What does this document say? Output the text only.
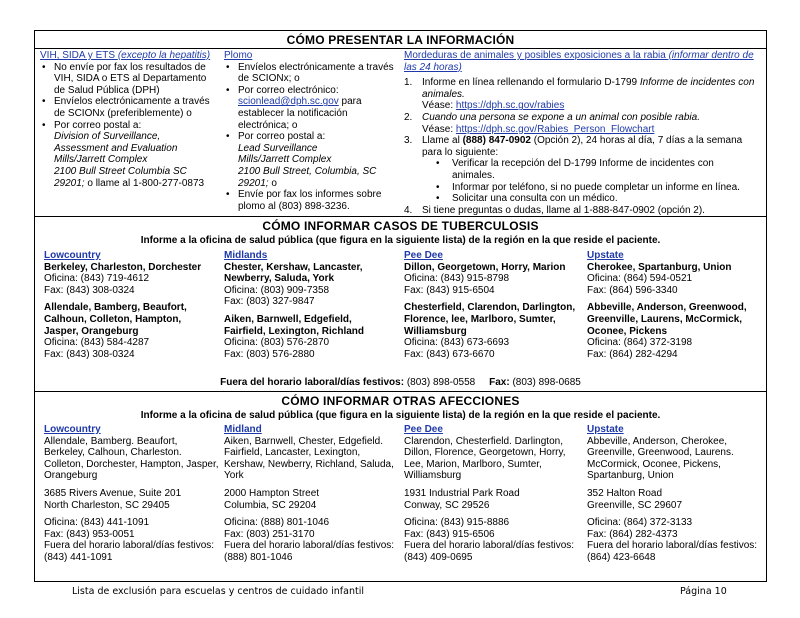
CÓMO PRESENTAR LA INFORMACIÓN
VIH, SIDA y ETS (excepto la hepatitis)
• No envíe por fax los resultados de VIH, SIDA o ETS al Departamento de Salud Pública (DPH)
• Envíelos electrónicamente a través de SCIONx (preferiblemente) o
• Por correo postal a:
Division of Surveillance, Assessment and Evaluation
Mills/Jarrett Complex
2100 Bull Street Columbia SC 29201; o llame al 1-800-277-0873
Plomo
• Envíelos electrónicamente a través de SCIONx; o
• Por correo electrónico:
scionlead@dph.sc.gov para establecer la notificación electrónica; o
• Por correo postal a:
Lead Surveillance
Mills/Jarrett Complex
2100 Bull Street, Columbia, SC 29201; o
• Envíe por fax los informes sobre plomo al (803) 898-3236.
Mordeduras de animales y posibles exposiciones a la rabia (informar dentro de las 24 horas)
1. Informe en línea rellenando el formulario D-1799 Informe de incidentes con animales.
Véase: https://dph.sc.gov/rabies
2. Cuando una persona se expone a un animal con posible rabia.
Véase: https://dph.sc.gov/Rabies_Person_Flowchart
3. Llame al (888) 847-0902 (Opción 2), 24 horas al día, 7 días a la semana para lo siguiente:
• Verificar la recepción del D-1799 Informe de incidentes con animales.
• Informar por teléfono, si no puede completar un informe en línea.
• Solicitar una consulta con un médico.
4. Si tiene preguntas o dudas, llame al 1-888-847-0902 (opción 2).
CÓMO INFORMAR CASOS DE TUBERCULOSIS
Informe a la oficina de salud pública (que figura en la siguiente lista) de la región en la que reside el paciente.
Lowcountry
Berkeley, Charleston, Dorchester
Oficina: (843) 719-4612
Fax: (843) 308-0324
Allendale, Bamberg, Beaufort, Calhoun, Colleton, Hampton, Jasper, Orangeburg
Oficina: (843) 584-4287
Fax: (843) 308-0324
Midlands
Chester, Kershaw, Lancaster, Newberry, Saluda, York
Oficina: (803) 909-7358
Fax: (803) 327-9847
Aiken, Barnwell, Edgefield, Fairfield, Lexington, Richland
Oficina: (803) 576-2870
Fax: (803) 576-2880
Pee Dee
Dillon, Georgetown, Horry, Marion
Oficina: (843) 915-8798
Fax: (843) 915-6504
Chesterfield, Clarendon, Darlington, Florence, lee, Marlboro, Sumter, Williamsburg
Oficina: (843) 673-6693
Fax: (843) 673-6670
Upstate
Cherokee, Spartanburg, Union
Oficina: (864) 594-0521
Fax: (864) 596-3340
Abbeville, Anderson, Greenwood, Greenville, Laurens, McCormick, Oconee, Pickens
Oficina: (864) 372-3198
Fax: (864) 282-4294
Fuera del horario laboral/días festivos: (803) 898-0558 Fax: (803) 898-0685
CÓMO INFORMAR OTRAS AFECCIONES
Informe a la oficina de salud pública (que figura en la siguiente lista) de la región en la que reside el paciente.
Lowcountry
Allendale, Bamberg. Beaufort, Berkeley, Calhoun, Charleston. Colleton, Dorchester, Hampton, Jasper, Orangeburg
3685 Rivers Avenue, Suite 201
North Charleston, SC 29405
Oficina: (843) 441-1091
Fax: (843) 953-0051
Fuera del horario laboral/días festivos: (843) 441-1091
Midland
Aiken, Barnwell, Chester, Edgefield. Fairfield, Lancaster, Lexington, Kershaw, Newberry, Richland, Saluda, York
2000 Hampton Street
Columbia, SC 29204
Oficina: (888) 801-1046
Fax: (803) 251-3170
Fuera del horario laboral/días festivos: (888) 801-1046
Pee Dee
Clarendon, Chesterfield. Darlington, Dillon, Florence, Georgetown, Horry, Lee, Marion, Marlboro, Sumter, Williamsburg
1931 Industrial Park Road
Conway, SC 29526
Oficina: (843) 915-8886
Fax: (843) 915-6506
Fuera del horario laboral/días festivos: (843) 409-0695
Upstate
Abbeville, Anderson, Cherokee, Greenville, Greenwood, Laurens. McCormick, Oconee, Pickens, Spartanburg, Union
352 Halton Road
Greenville, SC 29607
Oficina: (864) 372-3133
Fax: (864) 282-4373
Fuera del horario laboral/días festivos: (864) 423-6648
Lista de exclusión para escuelas y centros de cuidado infantil	Página 10
